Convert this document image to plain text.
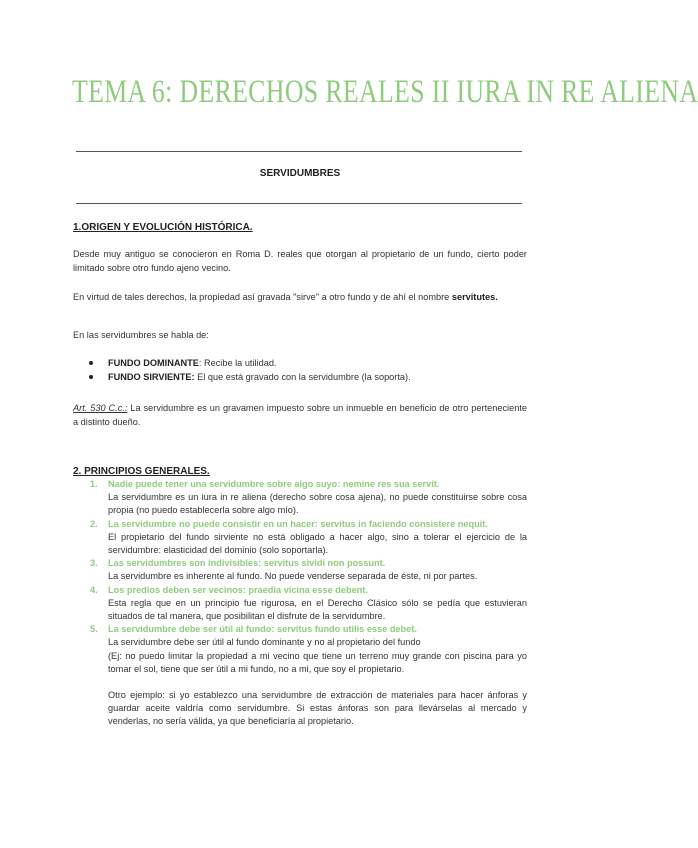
TEMA 6: DERECHOS REALES II IURA IN RE ALIENA
SERVIDUMBRES
1.ORIGEN Y EVOLUCIÓN HISTÓRICA.
Desde muy antiguo se conocieron en Roma D. reales que otorgan al propietario de un fundo, cierto poder limitado sobre otro fundo ajeno vecino.
En virtud de tales derechos, la propiedad así gravada "sirve" a otro fundo y de ahí el nombre servitutes.
En las servidumbres se habla de:
FUNDO DOMINANTE: Recibe la utilidad.
FUNDO SIRVIENTE: El que está gravado con la servidumbre (la soporta).
Art. 530 C.c.: La servidumbre es un gravamen impuesto sobre un inmueble en beneficio de otro perteneciente a distinto dueño.
2. PRINCIPIOS GENERALES.
1. Nadie puede tener una servidumbre sobre algo suyo: nemine res sua servit.
La servidumbre es un iura in re aliena (derecho sobre cosa ajena), no puede constituirse sobre cosa propia (no puedo establecerla sobre algo mío).
2. La servidumbre no puede consistir en un hacer: servitus in faciendo consistere nequit.
El propietario del fundo sirviente no está obligado a hacer algo, sino a tolerar el ejercicio de la servidumbre: elasticidad del dominio (solo soportarla).
3. Las servidumbres son indivisibles: servitus sividi non possunt.
La servidumbre es inherente al fundo. No puede venderse separada de éste, ni por partes.
4. Los predios deben ser vecinos: praedia vicina esse debent.
Esta regla que en un principio fue rigurosa, en el Derecho Clásico sólo se pedía que estuvieran situados de tal manera, que posibilitan el disfrute de la servidumbre.
5. La servidumbre debe ser útil al fundo: servitus fundo utilis esse debet.
La servidumbre debe ser útil al fundo dominante y no al propietario del fundo
(Ej: no puedo limitar la propiedad a mi vecino que tiene un terreno muy grande con piscina para yo tomar el sol, tiene que ser útil a mi fundo, no a mi, que soy el propietario.
Otro ejemplo: si yo establezco una servidumbre de extracción de materiales para hacer ánforas y guardar aceite valdría como servidumbre. Si estas ánforas son para llevárselas al mercado y venderlas, no sería válida, ya que beneficiaría al propietario.
